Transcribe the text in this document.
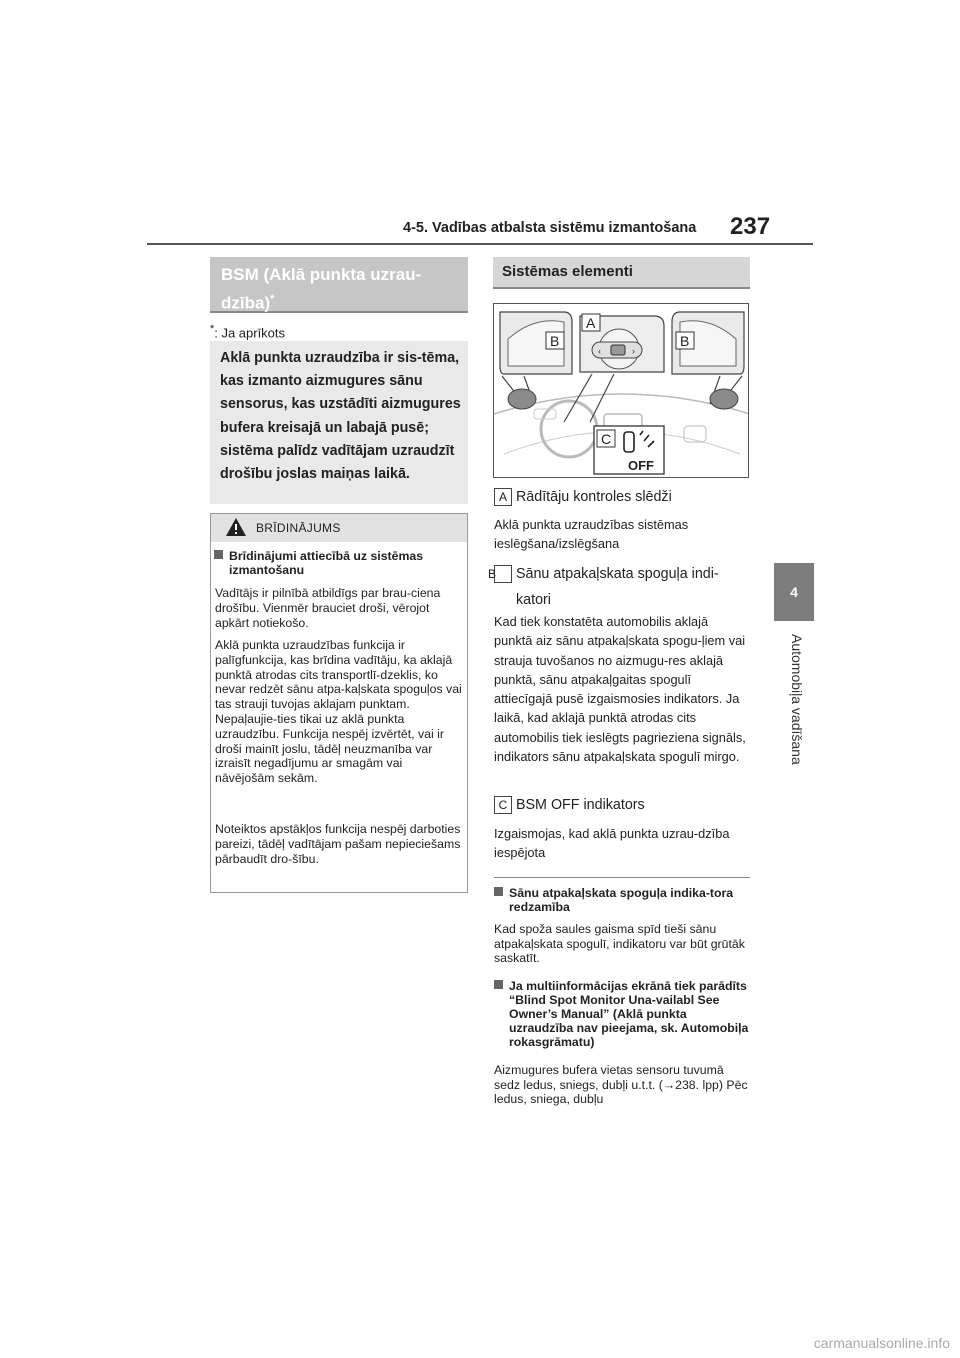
4-5. Vadības atbalsta sistēmu izmantošana 237
4
Automobiļa vadīšana
BSM (Aklā punkta uzrau-
dzība)*
*: Ja aprīkots
Aklā punkta uzraudzība ir sis-tēma, kas izmanto aizmugures sānu sensorus, kas uzstādīti aizmugures bufera kreisajā un labajā pusē; sistēma palīdz vadītājam uzraudzīt drošību joslas maiņas laikā.
BRĪDINĀJUMS
Brīdinājumi attiecībā uz sistēmas izmantošanu

Vadītājs ir pilnībā atbildīgs par brau-ciena drošību. Vienmēr brauciet droši, vērojot apkārt notiekošo.

Aklā punkta uzraudzības funkcija ir palīgfunkcija, kas brīdina vadītāju, ka aklajā punktā atrodas cits transportlī-dzeklis, ko nevar redzēt sānu atpa-kaļskata spoguļos vai tas strauji tuvojas aklajam punktam. Nepaļaujie-ties tikai uz aklā punkta uzraudzību. Funkcija nespēj izvērtēt, vai ir droši mainīt joslu, tādēļ neuzmanība var izraisīt negadījumu ar smagām vai nāvējošām sekām.

Noteiktos apstākļos funkcija nespēj darboties pareizi, tādēļ vadītājam pašam nepieciešams pārbaudīt dro-šību.

Sistēmas elementi
‹	›
A
B	B
C
OFF
A Rādītāju kontroles slēdži

Aklā punkta uzraudzības sistēmas ieslēgšana/izslēgšana

B Sānu atpakaļskata spoguļa indi-katori

Kad tiek konstatēta automobilis aklajā punktā aiz sānu atpakaļskata spogu-ļiem vai strauja tuvošanos no aizmugu-res aklajā punktā, sānu atpakaļgaitas spogulī attiecīgajā pusē izgaismosies indikators. Ja laikā, kad aklajā punktā atrodas cits automobilis tiek ieslēgts pagrieziena signāls, indikators sānu atpakaļskata spogulī mirgo.

C BSM OFF indikators

Izgaismojas, kad aklā punkta uzrau-dzība iespējota

Sānu atpakaļskata spoguļa indika-tora redzamība

Kad spoža saules gaisma spīd tieši sānu atpakaļskata spogulī, indikatoru var būt grūtāk saskatīt.

Ja multiinformācijas ekrānā tiek parādīts “Blind Spot Monitor Una-vailabl See Owner’s Manual” (Aklā punkta uzraudzība nav pieejama, sk. Automobiļa rokasgrāmatu)

Aizmugures bufera vietas sensoru tuvumā sedz ledus, sniegs, dubļi u.t.t. (→238. lpp) Pēc ledus, sniega, dubļu

carmanualsonline.info
